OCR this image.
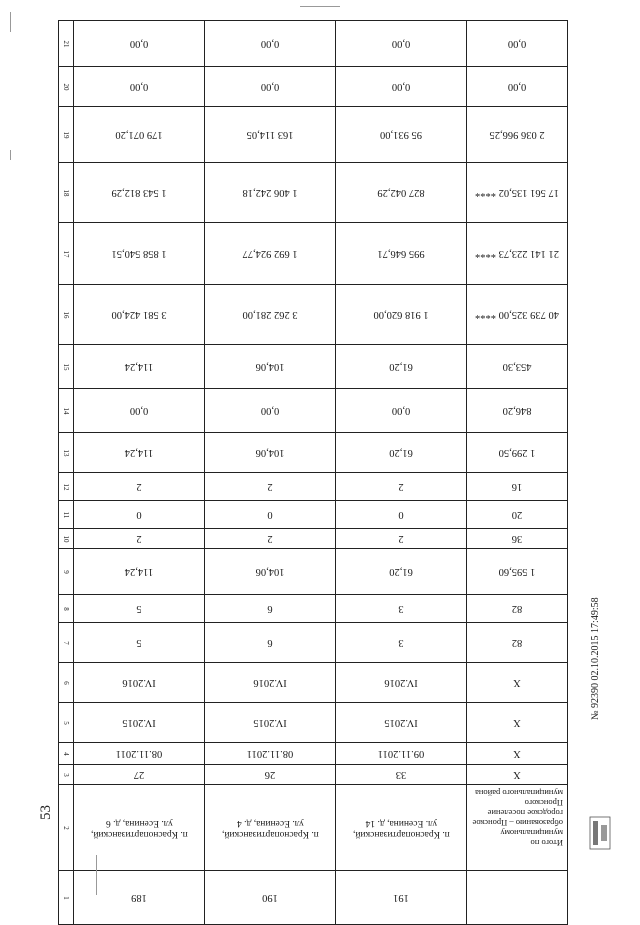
53
21	0,00	0,00	0,00	0,00

20	0,00	0,00	0,00	0,00

19	179 071,20	163 114,05	95 931,00	2 036 966,25

18	1 543 812,29	1 406 242,18	827 042,29	17 561 135,02 ****

17	1 858 540,51	1 692 924,77	995 646,71	21 141 223,73 ****

16	3 581 424,00	3 262 281,00	1 918 620,00	40 739 325,00 ****

15	114,24	104,06	61,20	453,30

14	0,00	0,00	0,00	846,20

13	114,24	104,06	61,20	1 299,50

12	2	2	2	16

11	0	0	0	20

10	2	2	2	36

9	114,24	104,06	61,20	1 595,60

8	5	6	3	82

7	5	6	3	82

6	IV.2016	IV.2016	IV.2016	X

5	IV.2015	IV.2015	IV.2015	X

4	08.11.2011	08.11.2011	09.11.2011	X

3	27	26	33	X

2	п. Краснопартизанский,
ул. Есенина, д. 6	п. Краснопартизанский,
ул. Есенина, д. 4	п. Краснопартизанский,
ул. Есенина, д. 14	Итого по муниципальному образованию – Пронское городское поселение Пронского муниципального района

1	189	190	191	

№ 92390 02.10.2015 17:49:58
